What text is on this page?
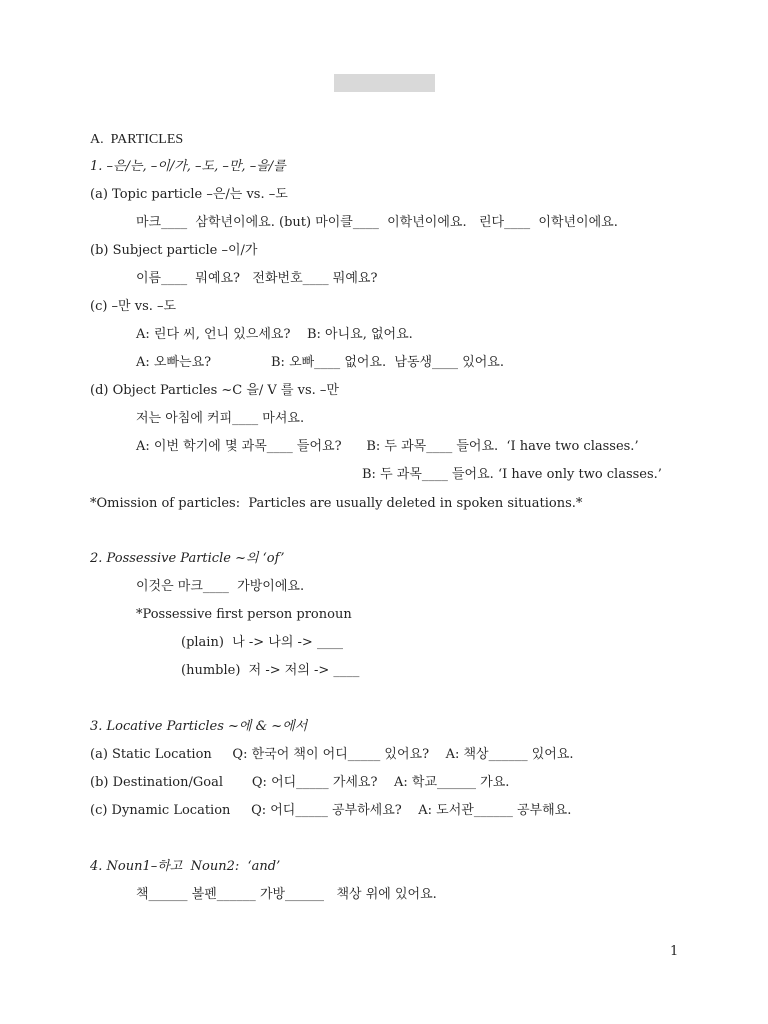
A.  PARTICLES
1. –은/는, –이/가, –도, –만, –을/를
(a) Topic particle –은/는 vs. –도
마크____  삼학년이에요. (but) 마이클____  이학년이에요.   린다____  이학년이에요.
(b) Subject particle –이/가
이름____  뭐예요?   전화번호____ 뭐예요?
(c) –만 vs. –도
A: 린다 씨, 언니 있으세요?    B: 아니요, 없어요.
A: 오빠는요?	B: 오빠____ 없어요.  남동생____ 있어요.
(d) Object Particles ~C 을/ V 를 vs. –만
저는 아침에 커피____ 마셔요.
A: 이번 학기에 몇 과목____ 들어요?      B: 두 과목____ 들어요.  ‘I have two classes.’
B: 두 과목____ 들어요. ‘I have only two classes.’
*Omission of particles:  Particles are usually deleted in spoken situations.*
2. Possessive Particle ~의 ‘of’
이것은 마크____  가방이에요.
*Possessive first person pronoun
(plain)  나 -> 나의 -> ____
(humble)  저 -> 저의 -> ____
3. Locative Particles ~에 & ~에서
(a) Static Location     Q: 한국어 책이 어디_____ 있어요?    A: 책상______ 있어요.
(b) Destination/Goal       Q: 어디_____ 가세요?    A: 학교______ 가요.
(c) Dynamic Location     Q: 어디_____ 공부하세요?    A: 도서관______ 공부해요.
4. Noun1–하고  Noun2:  ‘and’
책______ 볼펜______ 가방______   책상 위에 있어요.
1
